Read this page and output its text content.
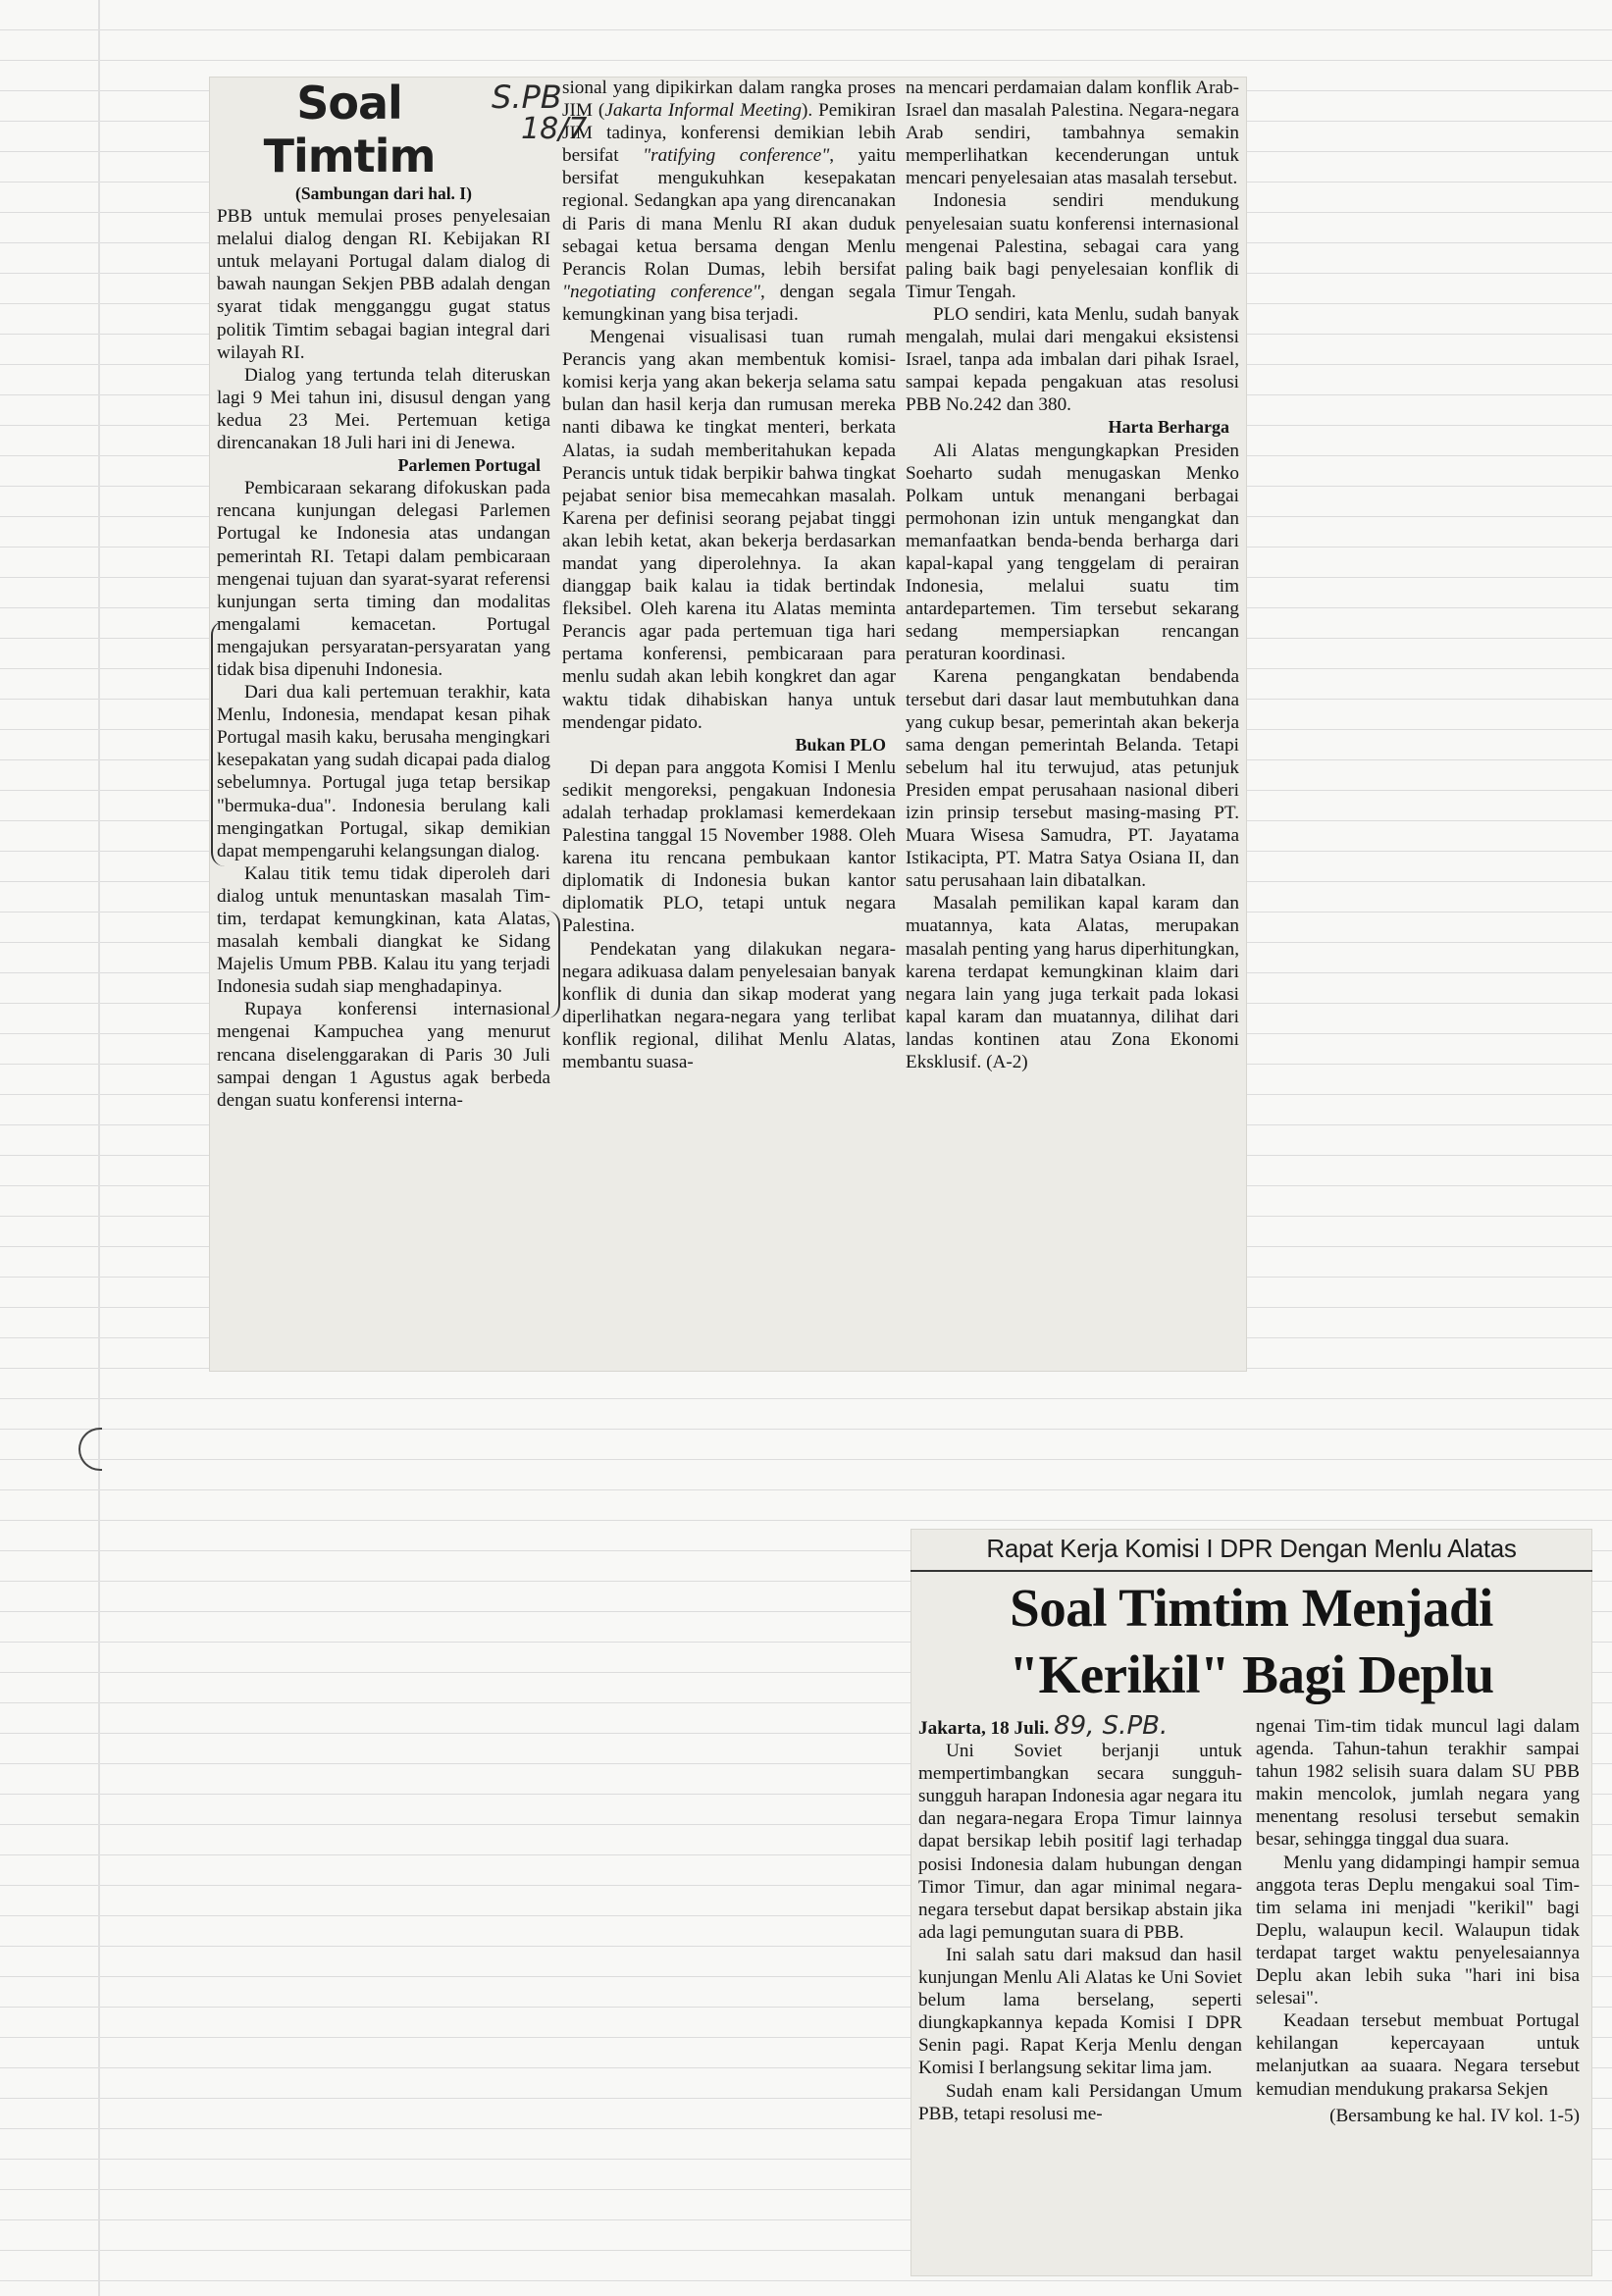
Soal Timtim

(Sambungan dari hal. I)

PBB untuk memulai proses penyelesaian melalui dialog dengan RI. Kebijakan RI untuk melayani Portugal dalam dialog di bawah naungan Sekjen PBB adalah dengan syarat tidak mengganggu gugat status politik Timtim sebagai bagian integral dari wilayah RI.

Dialog yang tertunda telah diteruskan lagi 9 Mei tahun ini, disusul dengan yang kedua 23 Mei. Pertemuan ketiga direncanakan 18 Juli hari ini di Jenewa.

Parlemen Portugal

Pembicaraan sekarang difokuskan pada rencana kunjungan delegasi Parlemen Portugal ke Indonesia atas undangan pemerintah RI. Tetapi dalam pembicaraan mengenai tujuan dan syarat-syarat referensi kunjungan serta timing dan modalitas mengalami kemacetan. Portugal mengajukan persyaratan-persyaratan yang tidak bisa dipenuhi Indonesia.

Dari dua kali pertemuan terakhir, kata Menlu, Indonesia, mendapat kesan pihak Portugal masih kaku, berusaha mengingkari kesepakatan yang sudah dicapai pada dialog sebelumnya. Portugal juga tetap bersikap "bermuka-dua". Indonesia berulang kali mengingatkan Portugal, sikap demikian dapat mempengaruhi kelangsungan dialog.

Kalau titik temu tidak diperoleh dari dialog untuk menuntaskan masalah Tim-tim, terdapat kemungkinan, kata Alatas, masalah kembali diangkat ke Sidang Majelis Umum PBB. Kalau itu yang terjadi Indonesia sudah siap menghadapinya.

Rupaya konferensi internasional mengenai Kampuchea yang menurut rencana diselenggarakan di Paris 30 Juli sampai dengan 1 Agustus agak berbeda dengan suatu konferensi interna-

S.PB
18/7

sional yang dipikirkan dalam rangka proses JIM (Jakarta Informal Meeting). Pemikiran JIM tadinya, konferensi demikian lebih bersifat "ratifying conference", yaitu bersifat mengukuhkan kesepakatan regional. Sedangkan apa yang direncanakan di Paris di mana Menlu RI akan duduk sebagai ketua bersama dengan Menlu Perancis Rolan Dumas, lebih bersifat "negotiating conference", dengan segala kemungkinan yang bisa terjadi.

Mengenai visualisasi tuan rumah Perancis yang akan membentuk komisi-komisi kerja yang akan bekerja selama satu bulan dan hasil kerja dan rumusan mereka nanti dibawa ke tingkat menteri, berkata Alatas, ia sudah memberitahukan kepada Perancis untuk tidak berpikir bahwa tingkat pejabat senior bisa memecahkan masalah. Karena per definisi seorang pejabat tinggi akan lebih ketat, akan bekerja berdasarkan mandat yang diperolehnya. Ia akan dianggap baik kalau ia tidak bertindak fleksibel. Oleh karena itu Alatas meminta Perancis agar pada pertemuan tiga hari pertama konferensi, pembicaraan para menlu sudah akan lebih kongkret dan agar waktu tidak dihabiskan hanya untuk mendengar pidato.

Bukan PLO

Di depan para anggota Komisi I Menlu sedikit mengoreksi, pengakuan Indonesia adalah terhadap proklamasi kemerdekaan Palestina tanggal 15 November 1988. Oleh karena itu rencana pembukaan kantor diplomatik di Indonesia bukan kantor diplomatik PLO, tetapi untuk negara Palestina.

Pendekatan yang dilakukan negara-negara adikuasa dalam penyelesaian banyak konflik di dunia dan sikap moderat yang diperlihatkan negara-negara yang terlibat konflik regional, dilihat Menlu Alatas, membantu suasa-

na mencari perdamaian dalam konflik Arab-Israel dan masalah Palestina. Negara-negara Arab sendiri, tambahnya semakin memperlihatkan kecenderungan untuk mencari penyelesaian atas masalah tersebut.

Indonesia sendiri mendukung penyelesaian suatu konferensi internasional mengenai Palestina, sebagai cara yang paling baik bagi penyelesaian konflik di Timur Tengah.

PLO sendiri, kata Menlu, sudah banyak mengalah, mulai dari mengakui eksistensi Israel, tanpa ada imbalan dari pihak Israel, sampai kepada pengakuan atas resolusi PBB No.242 dan 380.

Harta Berharga

Ali Alatas mengungkapkan Presiden Soeharto sudah menugaskan Menko Polkam untuk menangani berbagai permohonan izin untuk mengangkat dan memanfaatkan benda-benda berharga dari kapal-kapal yang tenggelam di perairan Indonesia, melalui suatu tim antardepartemen. Tim tersebut sekarang sedang mempersiapkan rencangan peraturan koordinasi.

Karena pengangkatan bendabenda tersebut dari dasar laut membutuhkan dana yang cukup besar, pemerintah akan bekerja sama dengan pemerintah Belanda. Tetapi sebelum hal itu terwujud, atas petunjuk Presiden empat perusahaan nasional diberi izin prinsip tersebut masing-masing PT. Muara Wisesa Samudra, PT. Jayatama Istikacipta, PT. Matra Satya Osiana II, dan satu perusahaan lain dibatalkan.

Masalah pemilikan kapal karam dan muatannya, kata Alatas, merupakan masalah penting yang harus diperhitungkan, karena terdapat kemungkinan klaim dari negara lain yang juga terkait pada lokasi kapal karam dan muatannya, dilihat dari landas kontinen atau Zona Ekonomi Eksklusif. (A-2)

Rapat Kerja Komisi I DPR Dengan Menlu Alatas
Soal Timtim Menjadi
"Kerikil" Bagi Deplu

Jakarta, 18 Juli. 89, S.PB.

Uni Soviet berjanji untuk mempertimbangkan secara sungguh-sungguh harapan Indonesia agar negara itu dan negara-negara Eropa Timur lainnya dapat bersikap lebih positif lagi terhadap posisi Indonesia dalam hubungan dengan Timor Timur, dan agar minimal negara-negara tersebut dapat bersikap abstain jika ada lagi pemungutan suara di PBB.

Ini salah satu dari maksud dan hasil kunjungan Menlu Ali Alatas ke Uni Soviet belum lama berselang, seperti diungkapkannya kepada Komisi I DPR Senin pagi. Rapat Kerja Menlu dengan Komisi I berlangsung sekitar lima jam.

Sudah enam kali Persidangan Umum PBB, tetapi resolusi me-

ngenai Tim-tim tidak muncul lagi dalam agenda. Tahun-tahun terakhir sampai tahun 1982 selisih suara dalam SU PBB makin mencolok, jumlah negara yang menentang resolusi tersebut semakin besar, sehingga tinggal dua suara.

Menlu yang didampingi hampir semua anggota teras Deplu mengakui soal Tim-tim selama ini menjadi "kerikil" bagi Deplu, walaupun kecil. Walaupun tidak terdapat target waktu penyelesaiannya Deplu akan lebih suka "hari ini bisa selesai".

Keadaan tersebut membuat Portugal kehilangan kepercayaan untuk melanjutkan aa suaara. Negara tersebut kemudian mendukung prakarsa Sekjen

(Bersambung ke hal. IV kol. 1-5)
